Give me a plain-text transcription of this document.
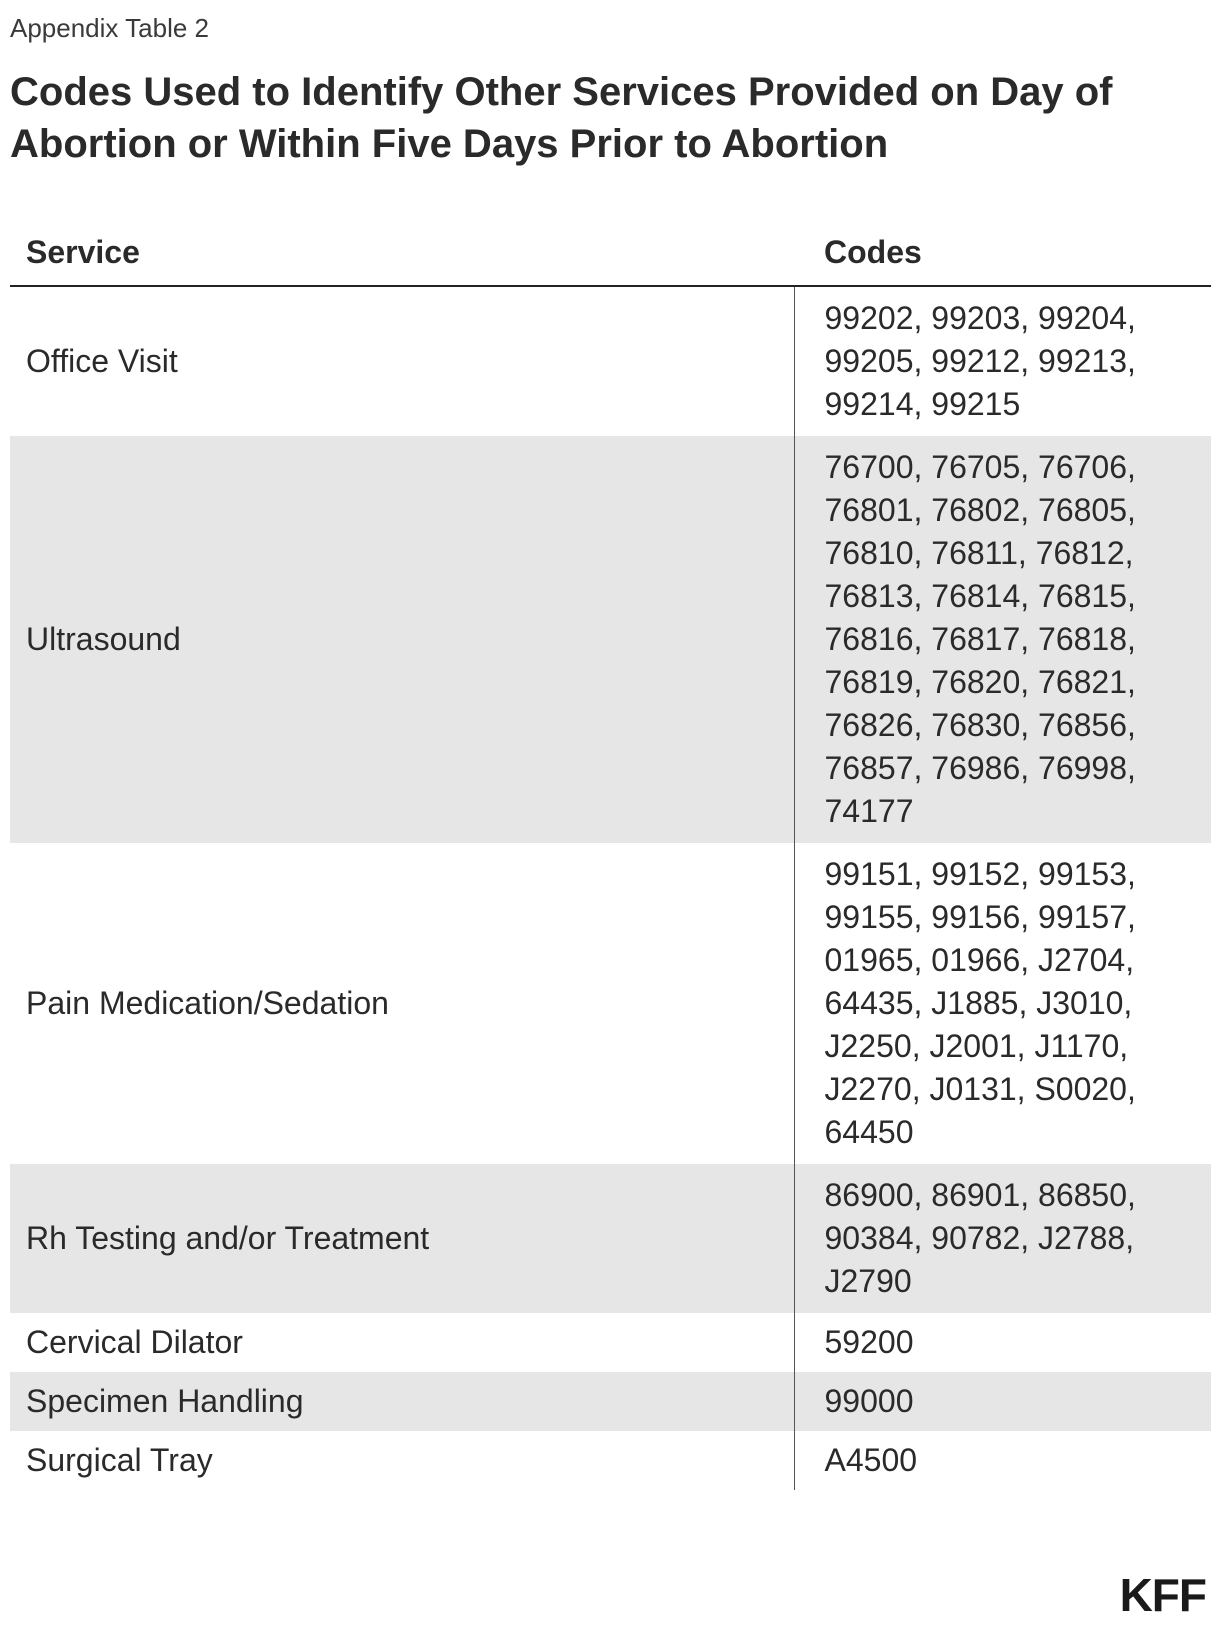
Appendix Table 2
Codes Used to Identify Other Services Provided on Day of Abortion or Within Five Days Prior to Abortion
Service	Codes
Office Visit	99202, 99203, 99204, 99205, 99212, 99213, 99214, 99215
Ultrasound	76700, 76705, 76706, 76801, 76802, 76805, 76810, 76811, 76812, 76813, 76814, 76815, 76816, 76817, 76818, 76819, 76820, 76821, 76826, 76830, 76856, 76857, 76986, 76998, 74177
Pain Medication/Sedation	99151, 99152, 99153, 99155, 99156, 99157, 01965, 01966, J2704, 64435, J1885, J3010, J2250, J2001, J1170, J2270, J0131, S0020, 64450
Rh Testing and/or Treatment	86900, 86901, 86850, 90384, 90782, J2788, J2790
Cervical Dilator	59200
Specimen Handling	99000
Surgical Tray	A4500
KFF
